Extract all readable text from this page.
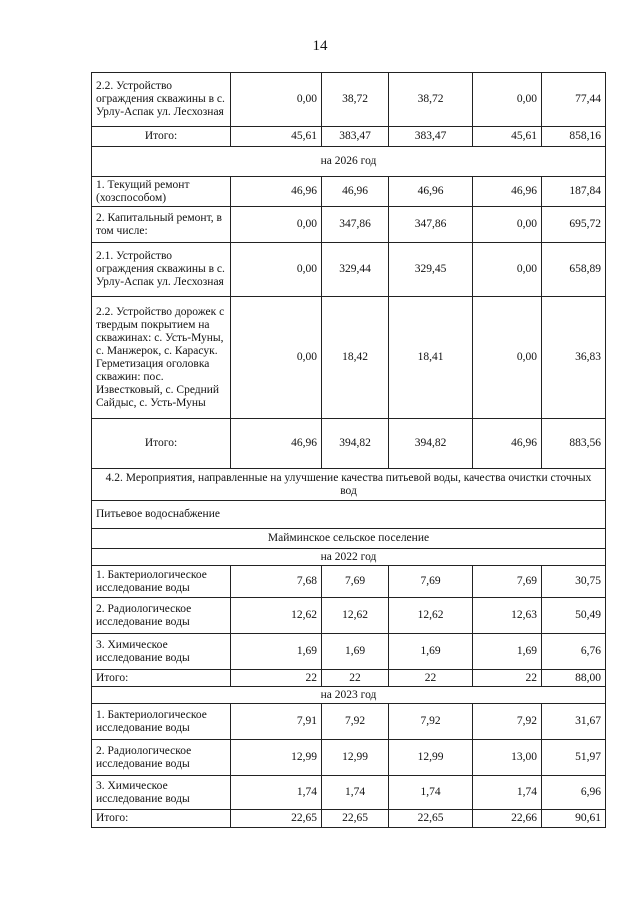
14
2.2. Устройство ограждения скважины в с. Урлу-Аспак ул. Лесхозная	0,00	38,72	38,72	0,00	77,44
Итого:	45,61	383,47	383,47	45,61	858,16
на 2026 год					
1. Текущий ремонт (хозспособом)	46,96	46,96	46,96	46,96	187,84
2. Капитальный ремонт, в том числе:	0,00	347,86	347,86	0,00	695,72
2.1. Устройство ограждения скважины в с. Урлу-Аспак ул. Лесхозная	0,00	329,44	329,45	0,00	658,89
2.2. Устройство дорожек с твердым покрытием на скважинах: с. Усть-Муны, с. Манжерок, с. Карасук. Герметизация оголовка скважин: пос. Известковый, с. Средний Сайдыс, с. Усть-Муны	0,00	18,42	18,41	0,00	36,83
Итого:	46,96	394,82	394,82	46,96	883,56
4.2. Мероприятия, направленные на улучшение качества питьевой воды, качества очистки сточных вод					
Питьевое водоснабжение					
Майминское сельское поселение					
на 2022 год					
1. Бактериологическое исследование воды	7,68	7,69	7,69	7,69	30,75
2. Радиологическое исследование воды	12,62	12,62	12,62	12,63	50,49
3. Химическое исследование воды	1,69	1,69	1,69	1,69	6,76
Итого:	22	22	22	22	88,00
на 2023 год					
1. Бактериологическое исследование воды	7,91	7,92	7,92	7,92	31,67
2. Радиологическое исследование воды	12,99	12,99	12,99	13,00	51,97
3. Химическое исследование воды	1,74	1,74	1,74	1,74	6,96
Итого:	22,65	22,65	22,65	22,66	90,61
